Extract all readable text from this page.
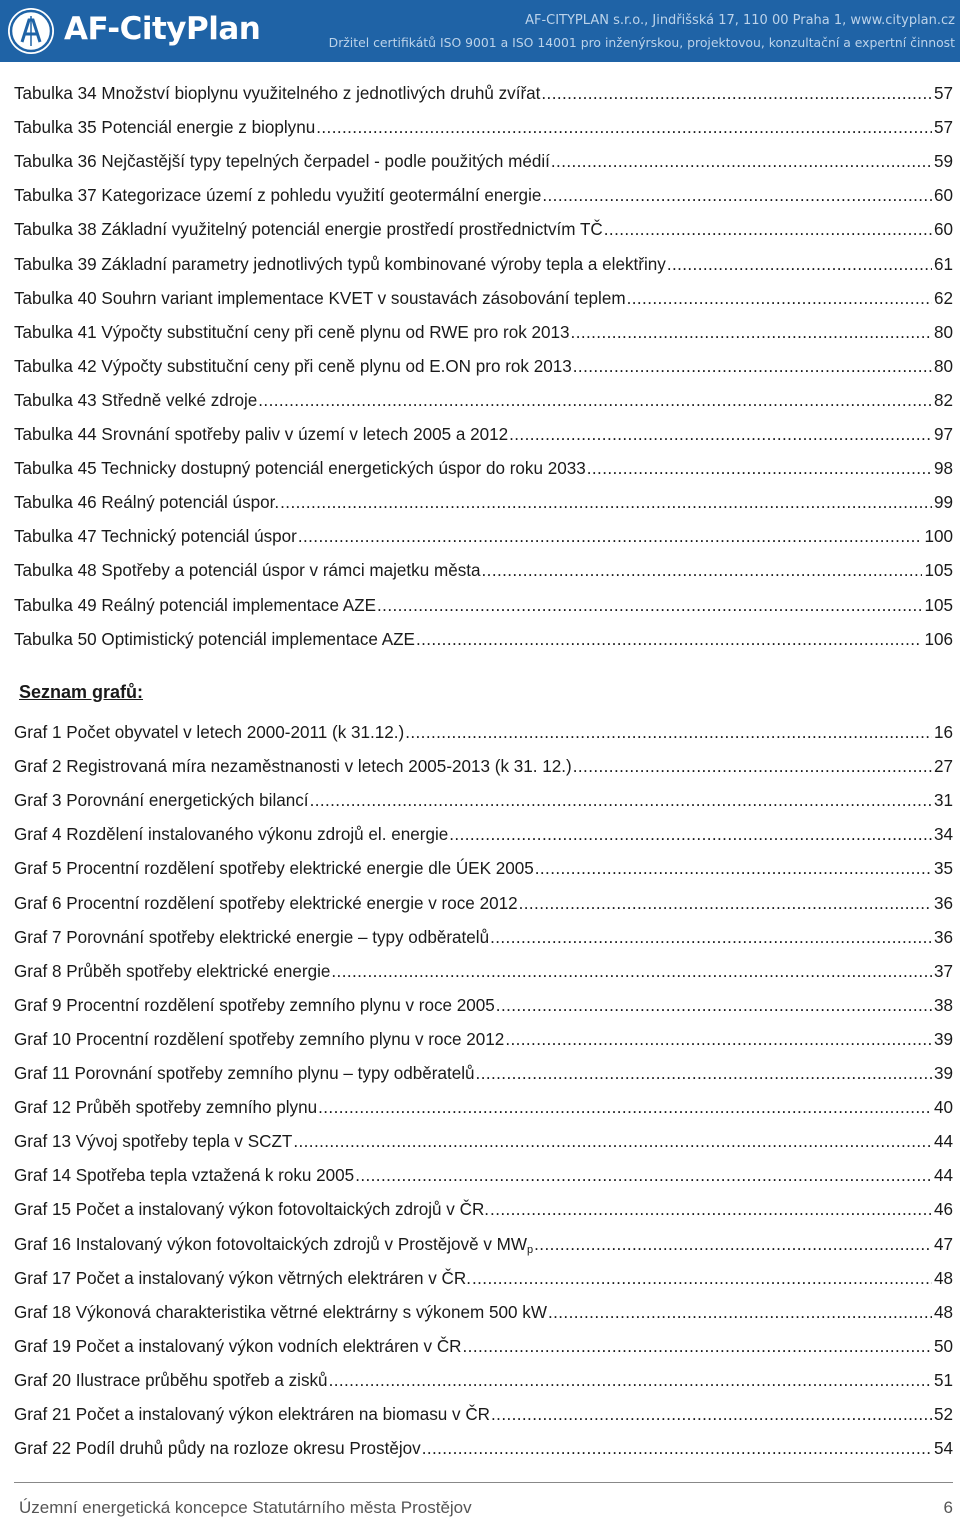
AF-CityPlan	AF-CITYPLAN s.r.o., Jindřišská 17, 110 00 Praha 1, www.cityplan.cz
Držitel certifikátů ISO 9001 a ISO 14001 pro inženýrskou, projektovou, konzultační a expertní činnost
Tabulka 34 Množství bioplynu využitelného z jednotlivých druhů zvířat .....	57
Tabulka 35 Potenciál energie z bioplynu .....	57
Tabulka 36 Nejčastější typy tepelných čerpadel - podle použitých médií .....	59
Tabulka 37 Kategorizace území z pohledu využití geotermální energie .....	60
Tabulka 38 Základní využitelný potenciál energie prostředí prostřednictvím TČ .....	60
Tabulka 39 Základní parametry jednotlivých typů kombinované výroby tepla a elektřiny .....	61
Tabulka 40 Souhrn variant implementace KVET v soustavách zásobování teplem .....	62
Tabulka 41 Výpočty substituční ceny při ceně plynu od RWE pro rok 2013 .....	80
Tabulka 42 Výpočty substituční ceny při ceně plynu od E.ON pro rok 2013 .....	80
Tabulka 43 Středně velké zdroje .....	82
Tabulka 44 Srovnání spotřeby paliv v území v letech 2005 a 2012 .....	97
Tabulka 45 Technicky dostupný potenciál energetických úspor do roku 2033 .....	98
Tabulka 46 Reálný potenciál úspor. .....	99
Tabulka 47 Technický potenciál úspor .....	100
Tabulka 48 Spotřeby a potenciál úspor v rámci majetku města .....	105
Tabulka 49 Reálný potenciál implementace AZE .....	105
Tabulka 50 Optimistický potenciál implementace AZE .....	106
Seznam grafů:
Graf 1 Počet obyvatel v letech 2000-2011 (k 31.12.) .....	16
Graf 2 Registrovaná míra nezaměstnanosti v letech 2005-2013 (k 31. 12.) .....	27
Graf 3 Porovnání energetických bilancí .....	31
Graf 4 Rozdělení instalovaného výkonu zdrojů el. energie .....	34
Graf 5 Procentní rozdělení spotřeby elektrické energie dle ÚEK 2005 .....	35
Graf 6 Procentní rozdělení spotřeby elektrické energie v roce 2012 .....	36
Graf 7 Porovnání spotřeby elektrické energie – typy odběratelů .....	36
Graf 8 Průběh spotřeby elektrické energie .....	37
Graf 9 Procentní rozdělení spotřeby zemního plynu v roce 2005 .....	38
Graf 10 Procentní rozdělení spotřeby zemního plynu v roce 2012 .....	39
Graf 11 Porovnání spotřeby zemního plynu – typy odběratelů .....	39
Graf 12 Průběh spotřeby zemního plynu .....	40
Graf 13 Vývoj spotřeby tepla v SCZT .....	44
Graf 14 Spotřeba tepla vztažená k roku 2005 .....	44
Graf 15 Počet a instalovaný výkon fotovoltaických zdrojů v ČR. .....	46
Graf 16 Instalovaný výkon fotovoltaických zdrojů v Prostějově v $MW_p$ .....	47
Graf 17 Počet a instalovaný výkon větrných elektráren v ČR. .....	48
Graf 18 Výkonová charakteristika větrné elektrárny s výkonem 500 kW .....	48
Graf 19 Počet a instalovaný výkon vodních elektráren v ČR .....	50
Graf 20 Ilustrace průběhu spotřeb a zisků .....	51
Graf 21 Počet a instalovaný výkon elektráren na biomasu v ČR .....	52
Graf 22 Podíl druhů půdy na rozloze okresu Prostějov .....	54
Územní energetická koncepce Statutárního města Prostějov	6
